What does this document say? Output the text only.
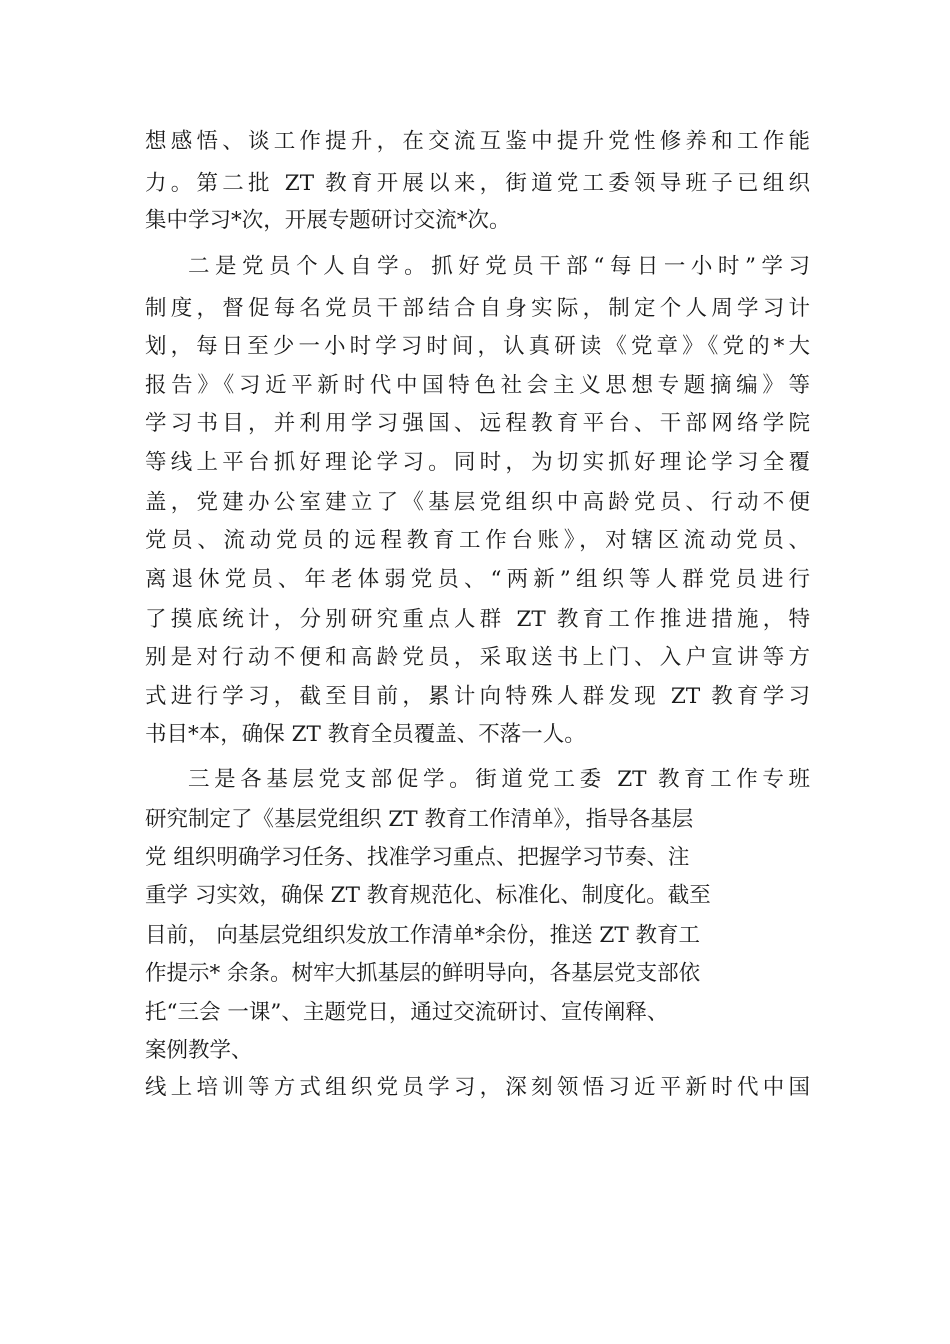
想感悟、谈工作提升，在交流互鉴中提升党性修养和工作能

力。第二批 ZT 教育开展以来，街道党工委领导班子已组织

集中学习*次，开展专题研讨交流*次。

二是党员个人自学。抓好党员干部“每日一小时”学习

制度，督促每名党员干部结合自身实际，制定个人周学习计

划，每日至少一小时学习时间，认真研读《党章》《党的*大

报告》《习近平新时代中国特色社会主义思想专题摘编》等

学习书目，并利用学习强国、远程教育平台、干部网络学院

等线上平台抓好理论学习。同时，为切实抓好理论学习全覆

盖，党建办公室建立了《基层党组织中高龄党员、行动不便

党员、流动党员的远程教育工作台账》，对辖区流动党员、

离退休党员、年老体弱党员、“两新”组织等人群党员进行

了摸底统计，分别研究重点人群 ZT 教育工作推进措施，特

别是对行动不便和高龄党员，采取送书上门、入户宣讲等方

式进行学习，截至目前，累计向特殊人群发现 ZT 教育学习

书目*本，确保 ZT 教育全员覆盖、不落一人。

三是各基层党支部促学。街道党工委 ZT 教育工作专班

研究制定了《基层党组织 ZT 教育工作清单》，指导各基层

党 组织明确学习任务、找准学习重点、把握学习节奏、注

重学 习实效，确保 ZT 教育规范化、标准化、制度化。截至

目前， 向基层党组织发放工作清单*余份，推送 ZT 教育工

作提示* 余条。树牢大抓基层的鲜明导向，各基层党支部依

托“三会 一课”、主题党日，通过交流研讨、宣传阐释、

案例教学、

线上培训等方式组织党员学习，深刻领悟习近平新时代中国
